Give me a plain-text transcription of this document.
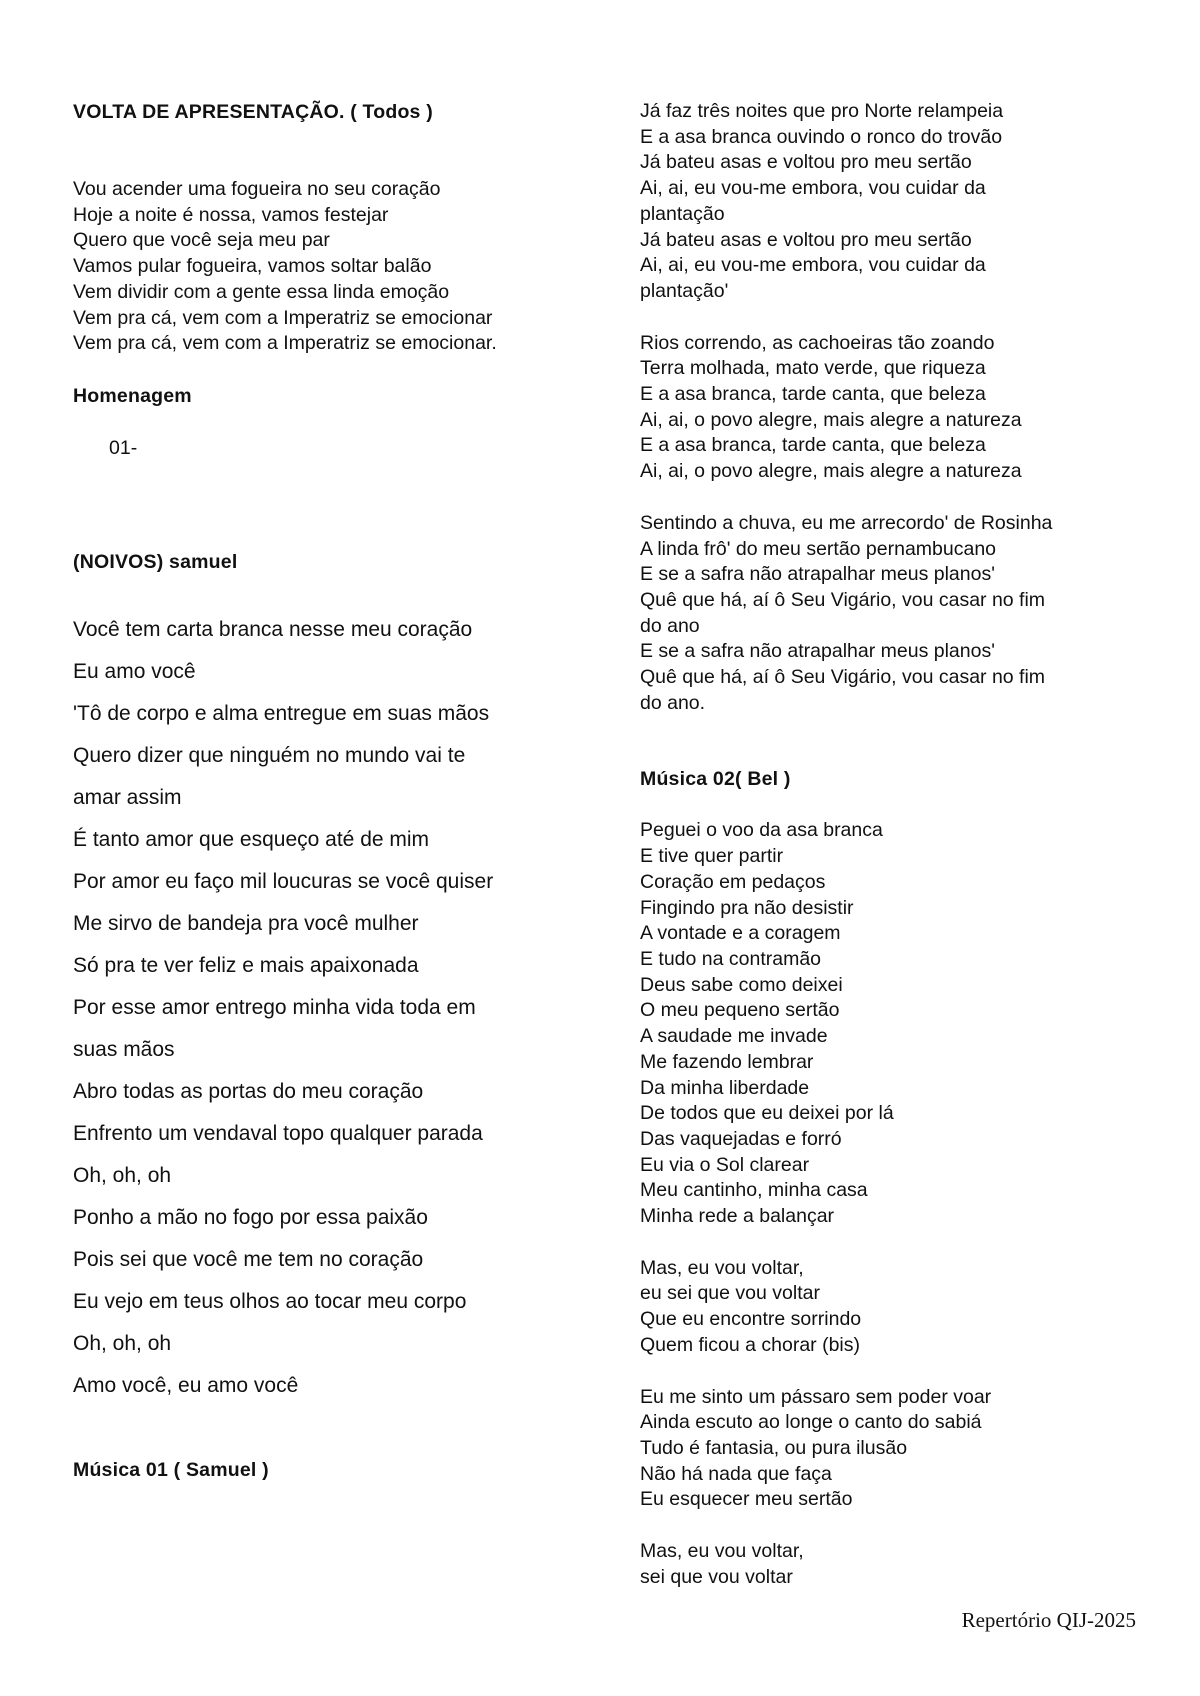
VOLTA DE APRESENTAÇÃO. ( Todos )

Vou acender uma fogueira no seu coração
Hoje a noite é nossa, vamos festejar
Quero que você seja meu par
Vamos pular fogueira, vamos soltar balão
Vem dividir com a gente essa linda emoção
Vem pra cá, vem com a Imperatriz se emocionar
Vem pra cá, vem com a Imperatriz se emocionar.

Homenagem

01-

(NOIVOS) samuel

Você tem carta branca nesse meu coração
Eu amo você
'Tô de corpo e alma entregue em suas mãos
Quero dizer que ninguém no mundo vai te
amar assim
É tanto amor que esqueço até de mim
Por amor eu faço mil loucuras se você quiser
Me sirvo de bandeja pra você mulher
Só pra te ver feliz e mais apaixonada
Por esse amor entrego minha vida toda em
suas mãos
Abro todas as portas do meu coração
Enfrento um vendaval topo qualquer parada
Oh, oh, oh
Ponho a mão no fogo por essa paixão
Pois sei que você me tem no coração
Eu vejo em teus olhos ao tocar meu corpo
Oh, oh, oh
Amo você, eu amo você

Música 01 ( Samuel )

Já faz três noites que pro Norte relampeia
E a asa branca ouvindo o ronco do trovão
Já bateu asas e voltou pro meu sertão
Ai, ai, eu vou-me embora, vou cuidar da
plantação
Já bateu asas e voltou pro meu sertão
Ai, ai, eu vou-me embora, vou cuidar da
plantação'
Rios correndo, as cachoeiras tão zoando
Terra molhada, mato verde, que riqueza
E a asa branca, tarde canta, que beleza
Ai, ai, o povo alegre, mais alegre a natureza
E a asa branca, tarde canta, que beleza
Ai, ai, o povo alegre, mais alegre a natureza
Sentindo a chuva, eu me arrecordo' de Rosinha
A linda frô' do meu sertão pernambucano
E se a safra não atrapalhar meus planos'
Quê que há, aí ô Seu Vigário, vou casar no fim
do ano
E se a safra não atrapalhar meus planos'
Quê que há, aí ô Seu Vigário, vou casar no fim
do ano.

Música 02( Bel )

Peguei o voo da asa branca
E tive quer partir
Coração em pedaços
Fingindo pra não desistir
A vontade e a coragem
E tudo na contramão
Deus sabe como deixei
O meu pequeno sertão
A saudade me invade
Me fazendo lembrar
Da minha liberdade
De todos que eu deixei por lá
Das vaquejadas e forró
Eu via o Sol clarear
Meu cantinho, minha casa
Minha rede a balançar
Mas, eu vou voltar,
eu sei que vou voltar
Que eu encontre sorrindo
Quem ficou a chorar (bis)
Eu me sinto um pássaro sem poder voar
Ainda escuto ao longe o canto do sabiá
Tudo é fantasia, ou pura ilusão
Não há nada que faça
Eu esquecer meu sertão
Mas, eu vou voltar,
sei que vou voltar
Repertório QIJ-2025
